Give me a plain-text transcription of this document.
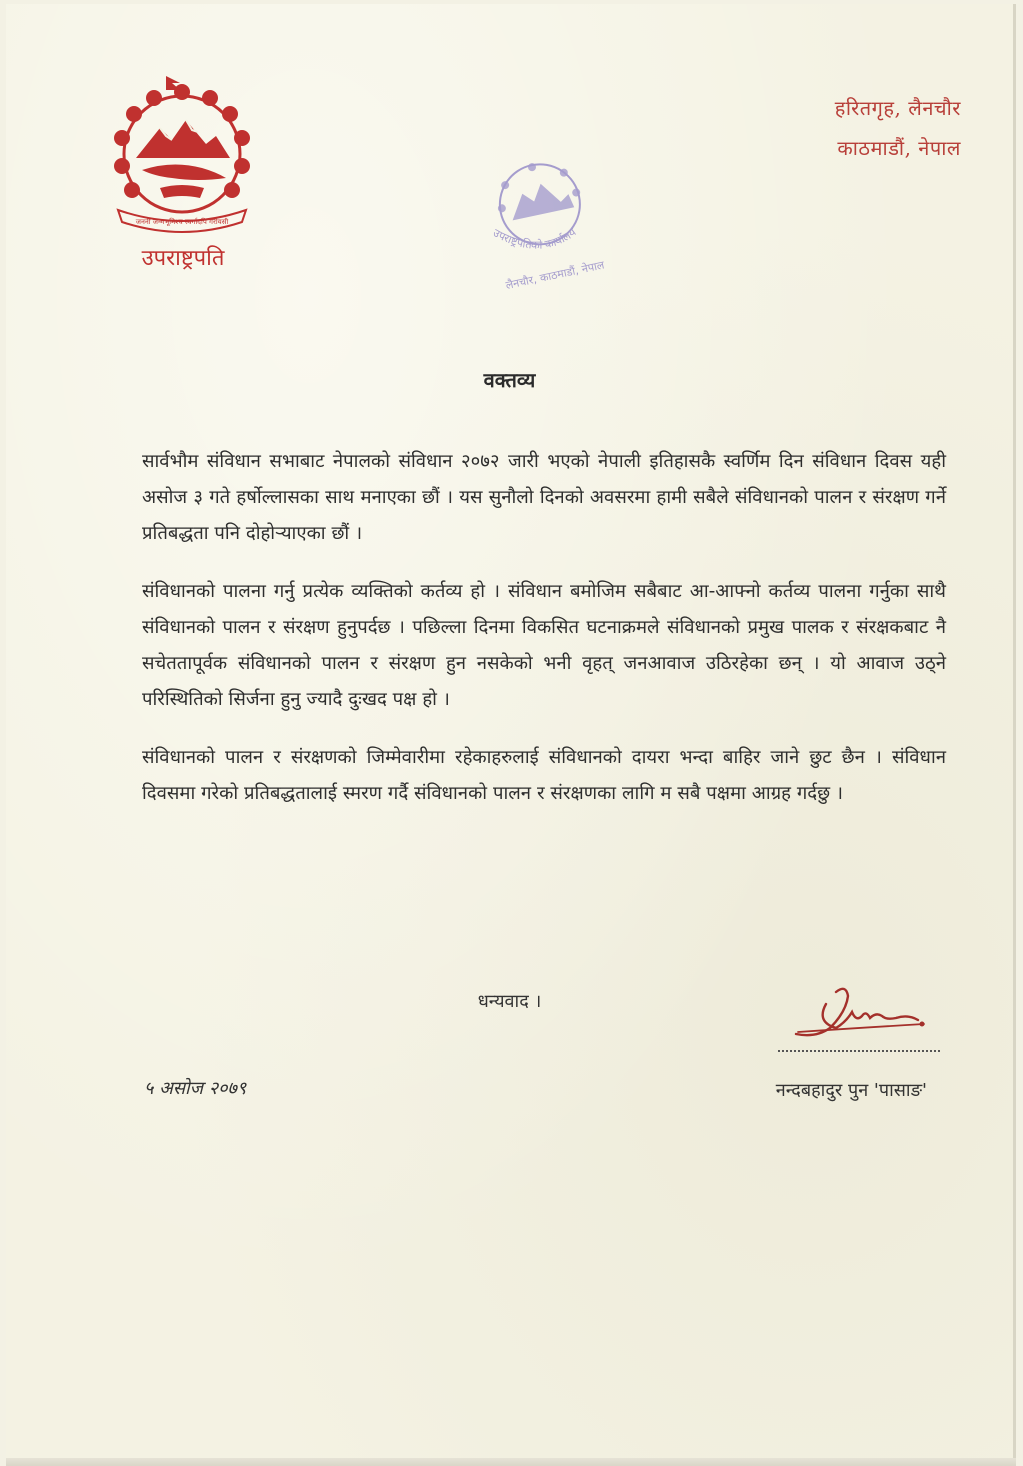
जननी जन्मभूमिश्च स्वर्गादपि गरीयसी
उपराष्ट्रपति
हरितगृह, लैनचौर
काठमाडौं, नेपाल
उपराष्ट्रपतिको कार्यालय
लैनचौर, काठमाडौं, नेपाल
वक्तव्य

सार्वभौम संविधान सभाबाट नेपालको संविधान २०७२ जारी भएको नेपाली इतिहासकै स्वर्णिम दिन संविधान दिवस यही असोज ३ गते हर्षोल्लासका साथ मनाएका छौं । यस सुनौलो दिनको अवसरमा हामी सबैले संविधानको पालन र संरक्षण गर्ने प्रतिबद्धता पनि दोहोर्‍याएका छौं ।

संविधानको पालना गर्नु प्रत्येक व्यक्तिको कर्तव्य हो । संविधान बमोजिम सबैबाट आ-आफ्नो कर्तव्य पालना गर्नुका साथै संविधानको पालन र संरक्षण हुनुपर्दछ । पछिल्ला दिनमा विकसित घटनाक्रमले संविधानको प्रमुख पालक र संरक्षकबाट नै सचेततापूर्वक संविधानको पालन र संरक्षण हुन नसकेको भनी वृहत् जनआवाज उठिरहेका छन् । यो आवाज उठ्ने परिस्थितिको सिर्जना हुनु ज्यादै दुःखद पक्ष हो ।

संविधानको पालन र संरक्षणको जिम्मेवारीमा रहेकाहरुलाई संविधानको दायरा भन्दा बाहिर जाने छुट छैन । संविधान दिवसमा गरेको प्रतिबद्धतालाई स्मरण गर्दै संविधानको पालन र संरक्षणका लागि म सबै पक्षमा आग्रह गर्दछु ।

धन्यवाद ।
५ असोज २०७९	नन्दबहादुर पुन 'पासाङ'
